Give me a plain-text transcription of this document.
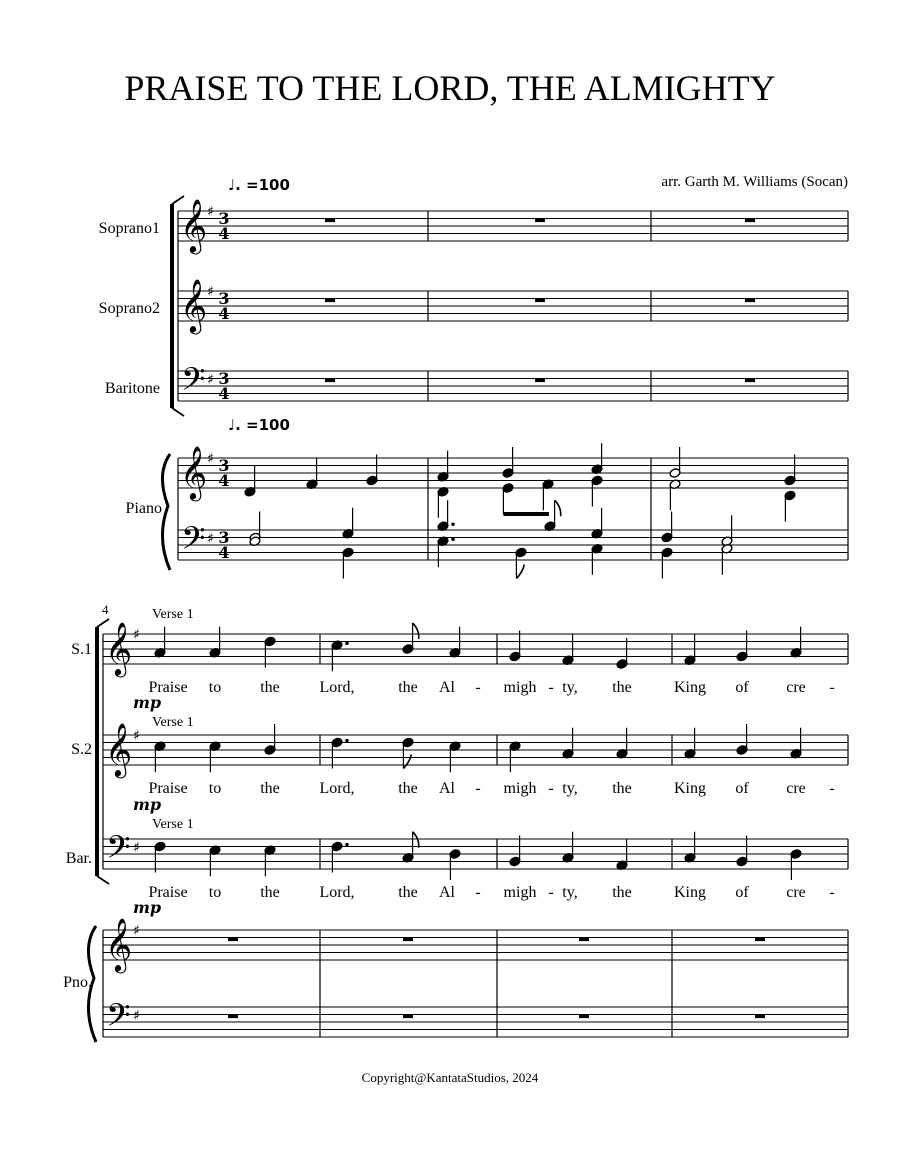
PRAISE TO THE LORD, THE ALMIGHTY
arr. Garth M. Williams (Socan)
♩. =100
♩. =100
Soprano1
Soprano2
Baritone
Piano
4
S.1
S.2
Bar.
Pno.
Verse 1
Verse 1
Verse 1
mp
mp
mp
Praise to the Lord,	the Al - migh - ty, the	King of cre -
Praise to the Lord,	the Al - migh - ty, the	King of cre -
Praise to the Lord,	the Al - migh - ty, the	King of cre -
𝄞 ♯ 3
4
𝄞 ♯ 3
4
𝄢 ♯ 3
4
𝄞 ♯ 3
4
𝄢 ♯ 3
4
𝄞 ♯
𝄞 ♯
𝄢 ♯
𝄞 ♯
𝄢 ♯
Copyright@KantataStudios, 2024
